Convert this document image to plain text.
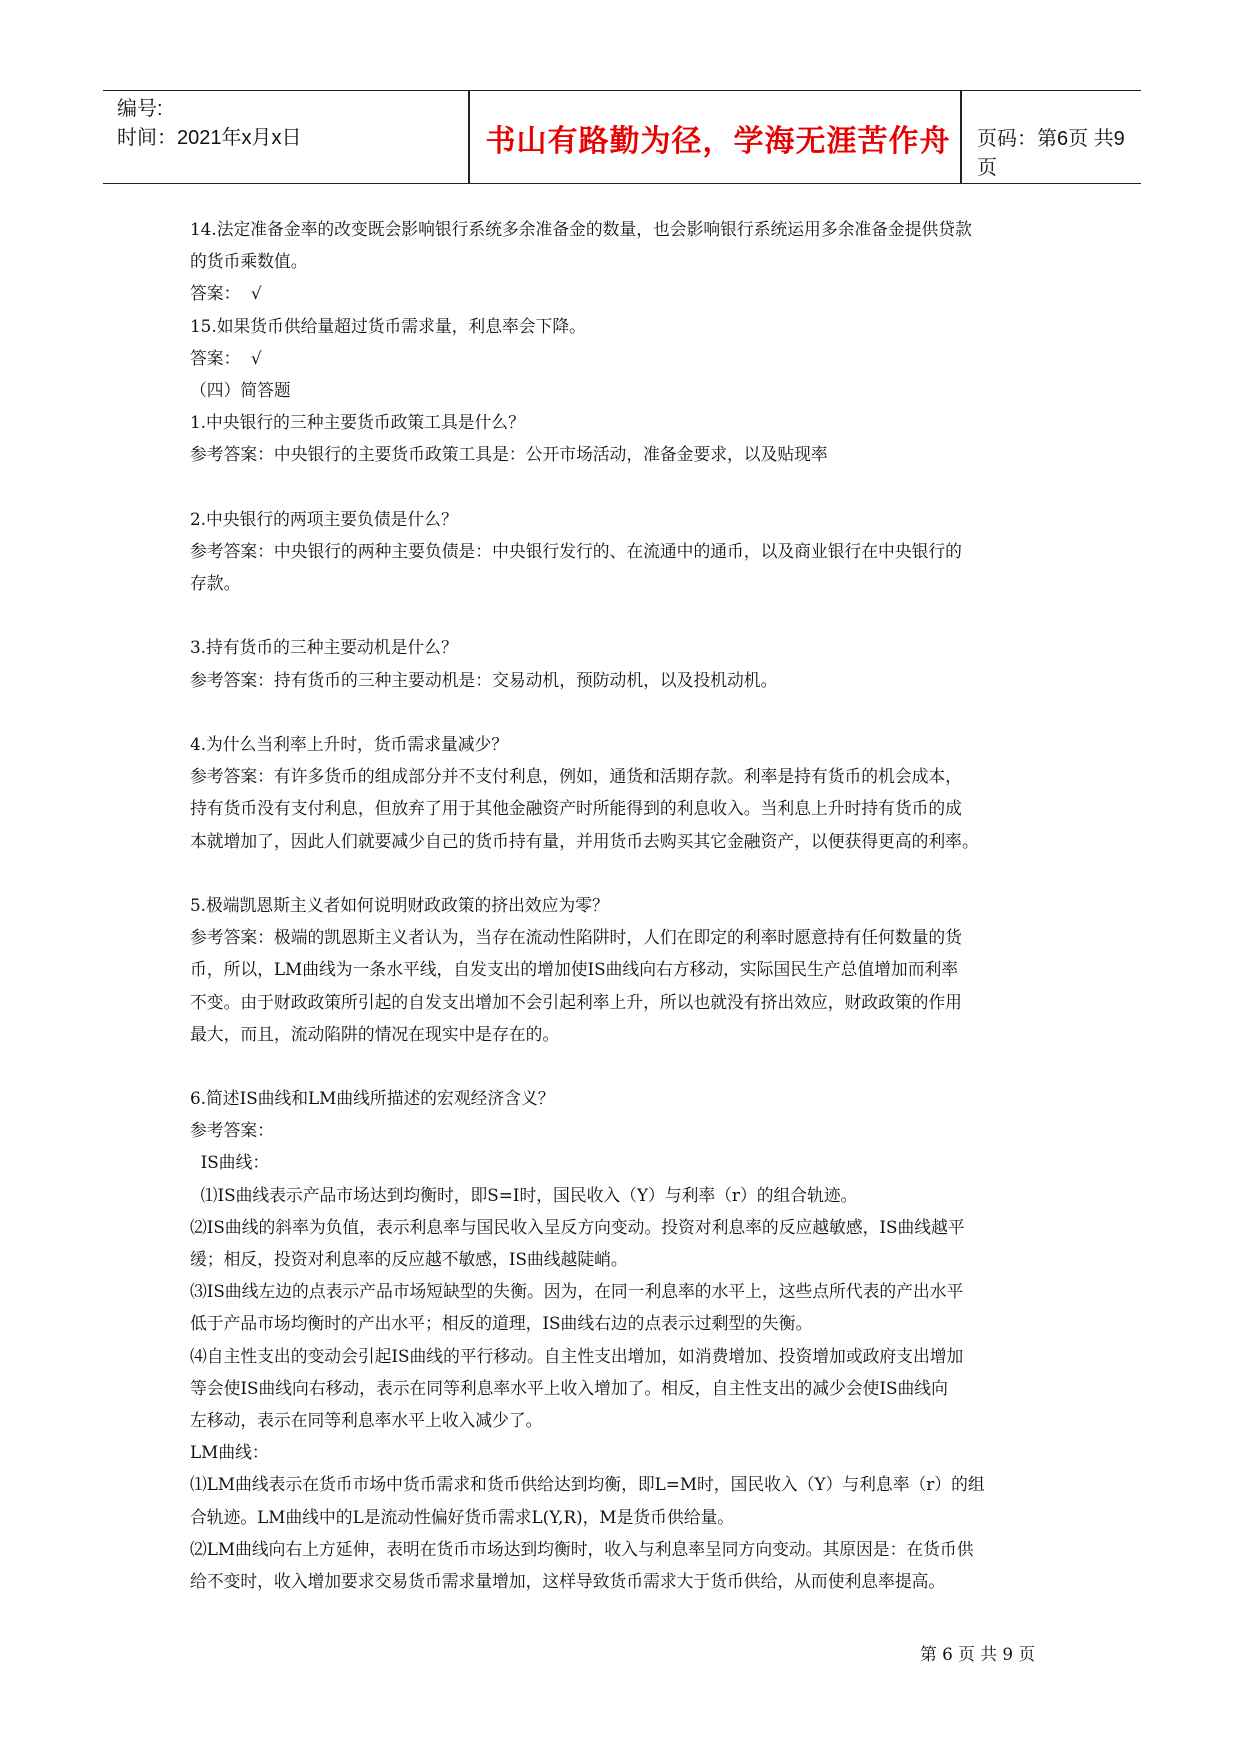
编号:
时间：2021年x月x日	书山有路勤为径，学海无涯苦作舟	页码：第6页 共9页
14.法定准备金率的改变既会影响银行系统多余准备金的数量，也会影响银行系统运用多余准备金提供贷款
的货币乘数值。
答案：  √
15.如果货币供给量超过货币需求量，利息率会下降。
答案：  √
（四）简答题
1.中央银行的三种主要货币政策工具是什么？
参考答案：中央银行的主要货币政策工具是：公开市场活动，准备金要求，以及贴现率
2.中央银行的两项主要负债是什么？
参考答案：中央银行的两种主要负债是：中央银行发行的、在流通中的通币，以及商业银行在中央银行的
存款。
3.持有货币的三种主要动机是什么？
参考答案：持有货币的三种主要动机是：交易动机，预防动机，以及投机动机。
4.为什么当利率上升时，货币需求量减少？
参考答案：有许多货币的组成部分并不支付利息，例如，通货和活期存款。利率是持有货币的机会成本，
持有货币没有支付利息，但放弃了用于其他金融资产时所能得到的利息收入。当利息上升时持有货币的成
本就增加了，因此人们就要减少自己的货币持有量，并用货币去购买其它金融资产，以便获得更高的利率。
5.极端凯恩斯主义者如何说明财政政策的挤出效应为零？
参考答案：极端的凯恩斯主义者认为，当存在流动性陷阱时，人们在即定的利率时愿意持有任何数量的货
币，所以，LM曲线为一条水平线，自发支出的增加使IS曲线向右方移动，实际国民生产总值增加而利率
不变。由于财政政策所引起的自发支出增加不会引起利率上升，所以也就没有挤出效应，财政政策的作用
最大，而且，流动陷阱的情况在现实中是存在的。
6.简述IS曲线和LM曲线所描述的宏观经济含义？
参考答案：
IS曲线：
⑴IS曲线表示产品市场达到均衡时，即S=I时，国民收入（Y）与利率（r）的组合轨迹。
⑵IS曲线的斜率为负值，表示利息率与国民收入呈反方向变动。投资对利息率的反应越敏感，IS曲线越平
缓；相反，投资对利息率的反应越不敏感，IS曲线越陡峭。
⑶IS曲线左边的点表示产品市场短缺型的失衡。因为，在同一利息率的水平上，这些点所代表的产出水平
低于产品市场均衡时的产出水平；相反的道理，IS曲线右边的点表示过剩型的失衡。
⑷自主性支出的变动会引起IS曲线的平行移动。自主性支出增加，如消费增加、投资增加或政府支出增加
等会使IS曲线向右移动，表示在同等利息率水平上收入增加了。相反，自主性支出的减少会使IS曲线向
左移动，表示在同等利息率水平上收入减少了。
LM曲线：
⑴LM曲线表示在货币市场中货币需求和货币供给达到均衡，即L=M时，国民收入（Y）与利息率（r）的组
合轨迹。LM曲线中的L是流动性偏好货币需求L(Y,R)，M是货币供给量。
⑵LM曲线向右上方延伸，表明在货币市场达到均衡时，收入与利息率呈同方向变动。其原因是：在货币供
给不变时，收入增加要求交易货币需求量增加，这样导致货币需求大于货币供给，从而使利息率提高。
第 6 页 共 9 页
